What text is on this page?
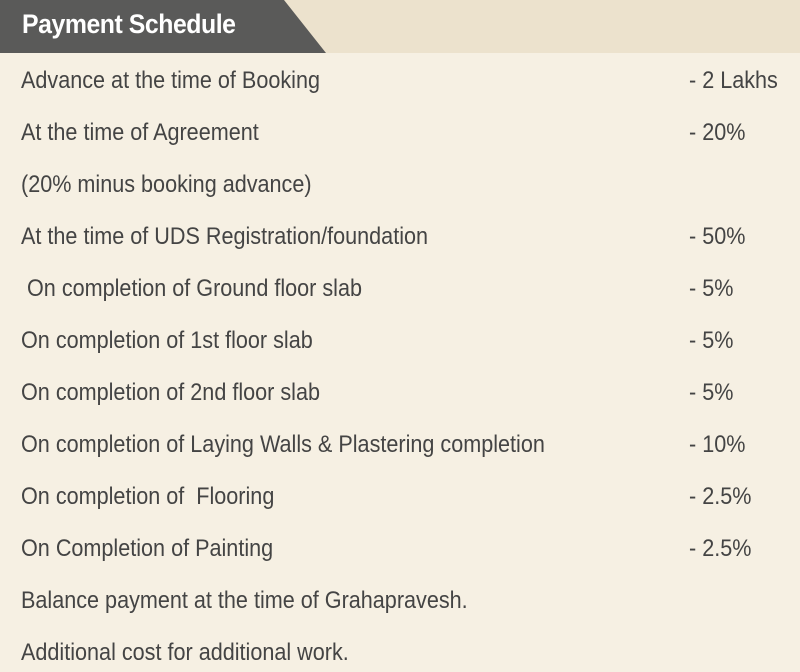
Payment Schedule
Advance at the time of Booking	- 2 Lakhs
At the time of Agreement	- 20%
(20% minus booking advance)
At the time of UDS Registration/foundation	- 50%
On completion of Ground floor slab	- 5%
On completion of 1st floor slab	- 5%
On completion of 2nd floor slab	- 5%
On completion of Laying Walls & Plastering completion	- 10%
On completion of  Flooring	- 2.5%
On Completion of Painting	- 2.5%
Balance payment at the time of Grahapravesh.
Additional cost for additional work.
